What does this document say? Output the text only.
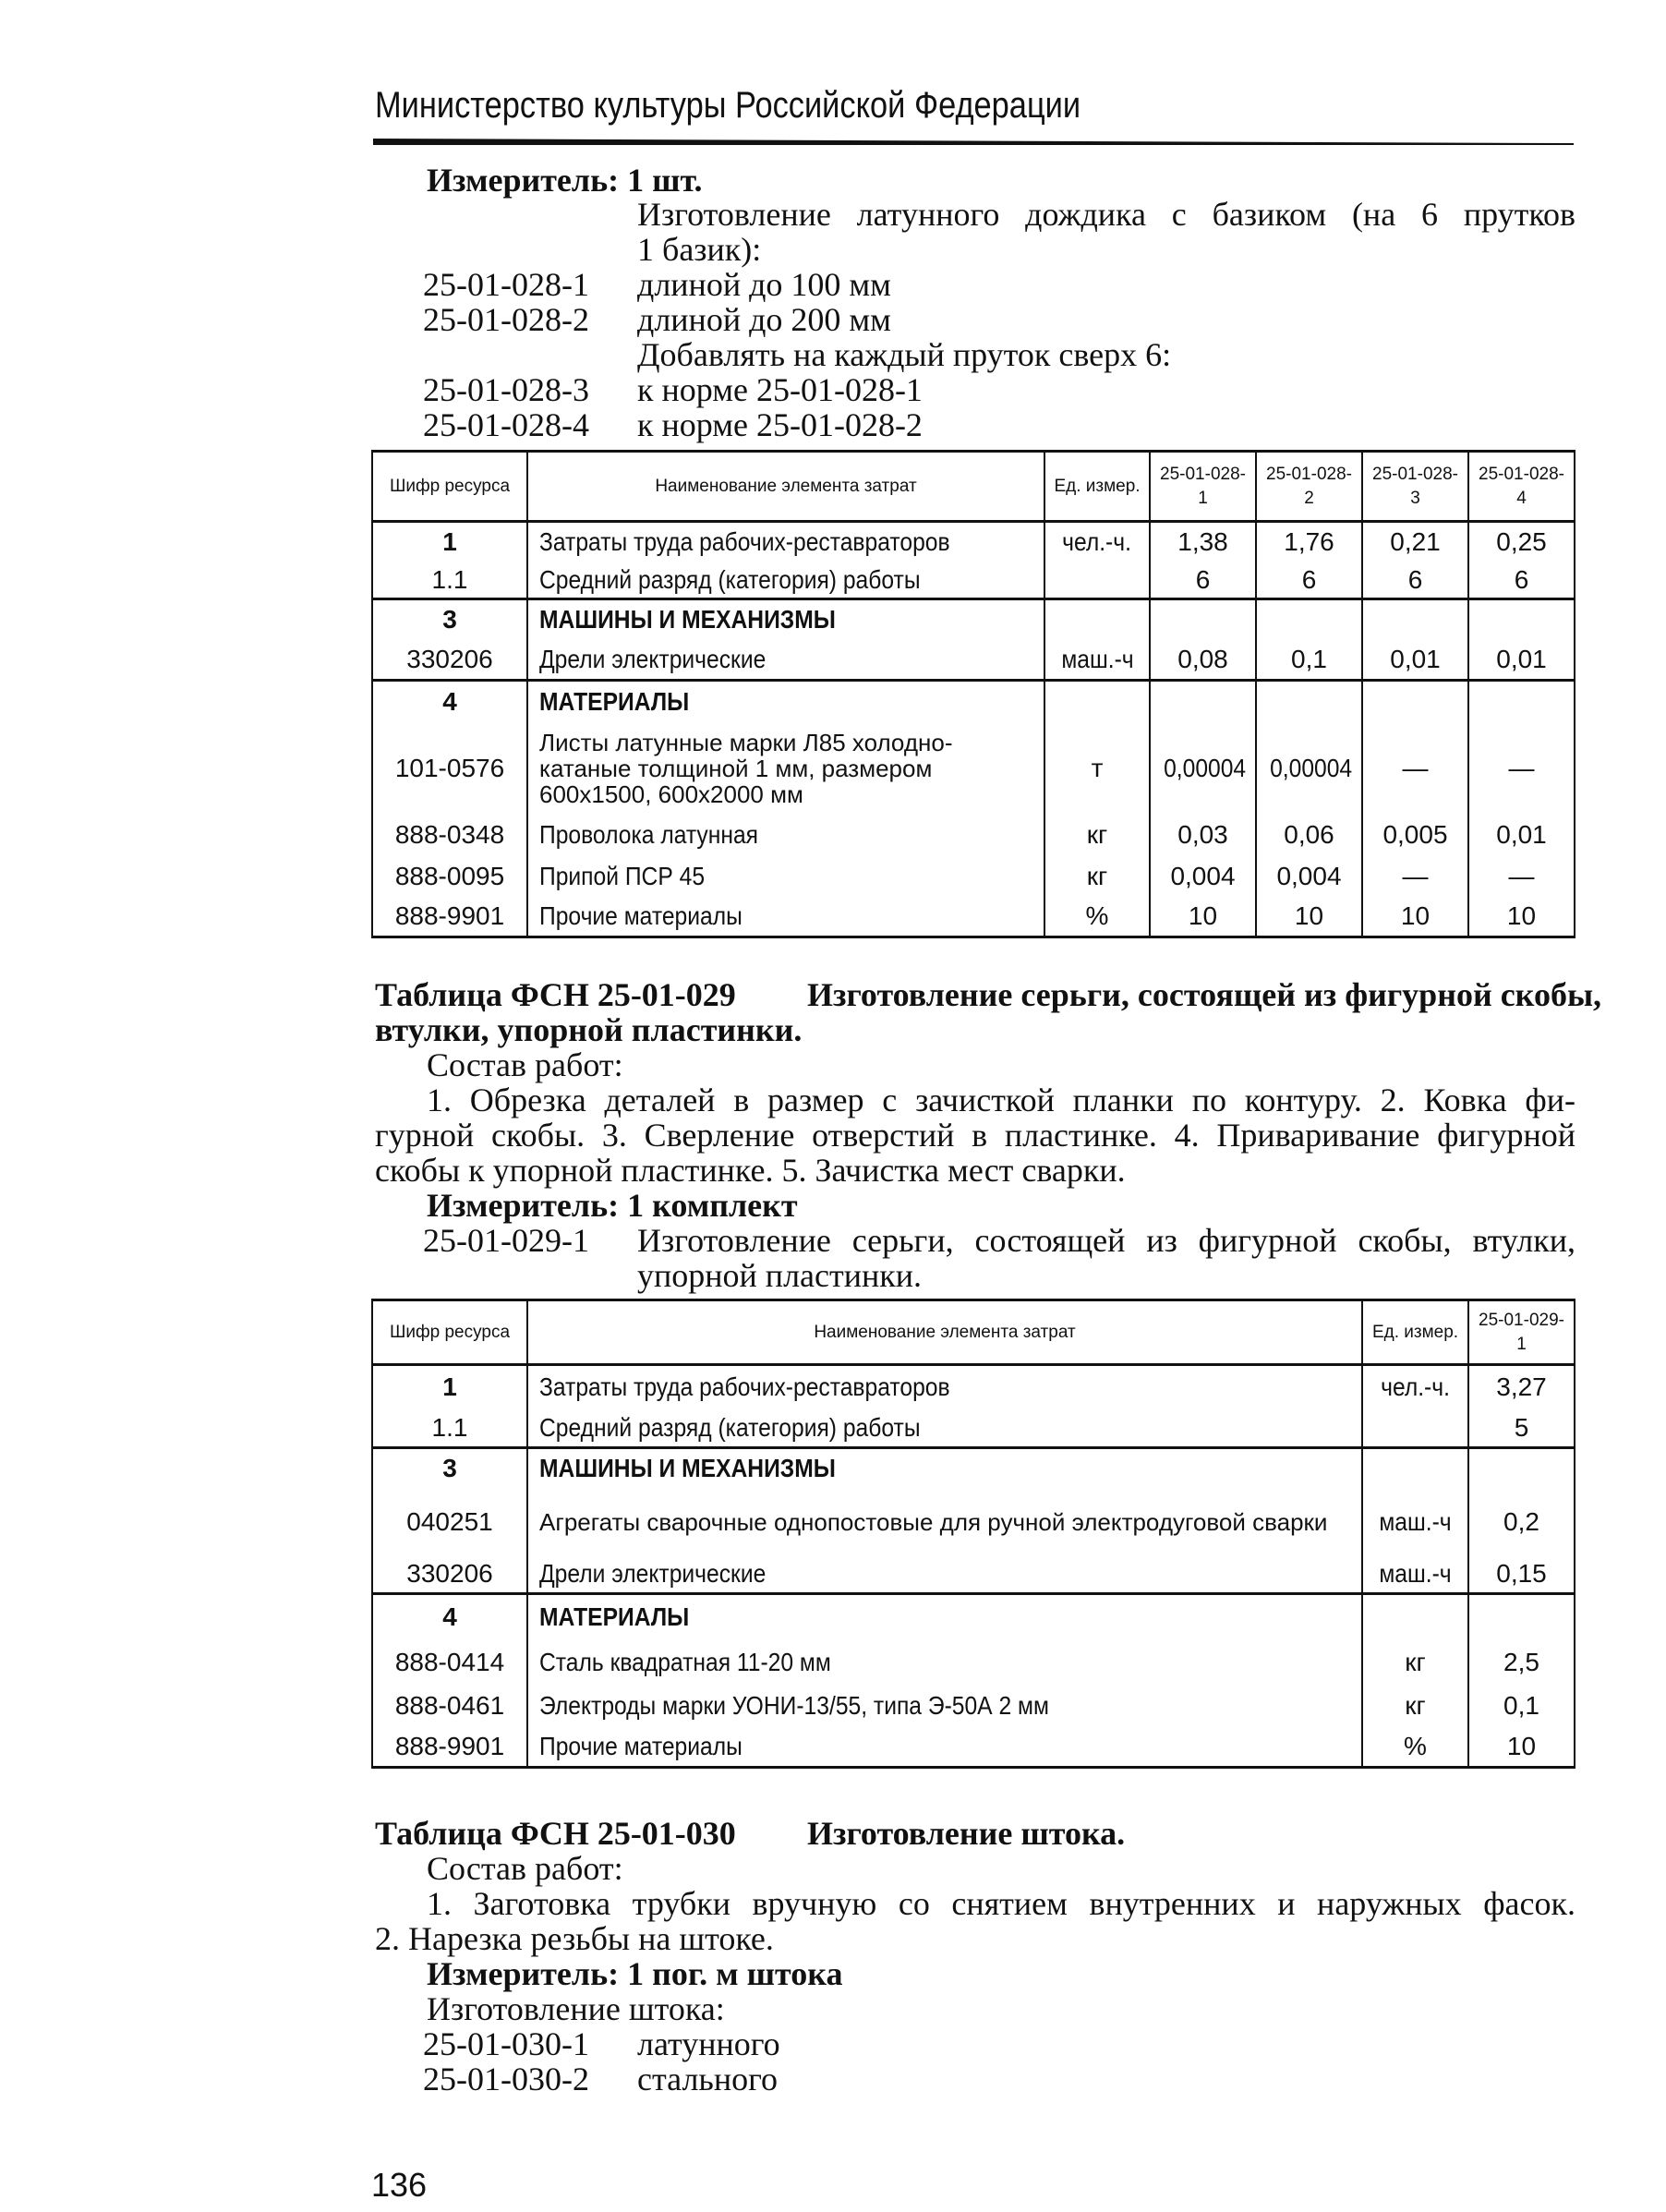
Министерство культуры Российской Федерации
Измеритель: 1 шт.
Изготовление латунного дождика с базиком (на 6 прутков
1 базик):
25-01-028-1 длиной до 100 мм
25-01-028-2 длиной до 200 мм
Добавлять на каждый пруток сверх 6:
25-01-028-3 к норме 25-01-028-1
25-01-028-4 к норме 25-01-028-2
Шифр ресурса	Наименование элемента затрат	Ед. измер.	25-01-028-1	25-01-028-2	25-01-028-3	25-01-028-4
1	Затраты труда рабочих-реставраторов	чел.-ч.	1,38	1,76	0,21	0,25
1.1	Средний разряд (категория) работы		6	6	6	6
3	МАШИНЫ И МЕХАНИЗМЫ					
330206	Дрели электрические	маш.-ч	0,08	0,1	0,01	0,01
4	МАТЕРИАЛЫ					
101-0576	Листы латунные марки Л85 холодно-катаные толщиной 1 мм, размером 600х1500, 600х2000 мм	т	0,00004	0,00004	—	—
888-0348	Проволока латунная	кг	0,03	0,06	0,005	0,01
888-0095	Припой ПСР 45	кг	0,004	0,004	—	—
888-9901	Прочие материалы	%	10	10	10	10
Таблица ФСН 25-01-029 Изготовление серьги, состоящей из фигурной скобы,
втулки, упорной пластинки.
Состав работ:
1. Обрезка деталей в размер с зачисткой планки по контуру. 2. Ковка фи-
гурной скобы. 3. Сверление отверстий в пластинке. 4. Приваривание фигурной
скобы к упорной пластинке. 5. Зачистка мест сварки.
Измеритель: 1 комплект
25-01-029-1 Изготовление серьги, состоящей из фигурной скобы, втулки,
упорной пластинки.
Шифр ресурса	Наименование элемента затрат	Ед. измер.	25-01-029-1
1	Затраты труда рабочих-реставраторов	чел.-ч.	3,27
1.1	Средний разряд (категория) работы		5
3	МАШИНЫ И МЕХАНИЗМЫ		
040251	Агрегаты сварочные однопостовые для ручной электродуговой сварки	маш.-ч	0,2
330206	Дрели электрические	маш.-ч	0,15
4	МАТЕРИАЛЫ		
888-0414	Сталь квадратная 11-20 мм	кг	2,5
888-0461	Электроды марки УОНИ-13/55, типа Э-50А 2 мм	кг	0,1
888-9901	Прочие материалы	%	10
Таблица ФСН 25-01-030 Изготовление штока.
Состав работ:
1. Заготовка трубки вручную со снятием внутренних и наружных фасок.
2. Нарезка резьбы на штоке.
Измеритель: 1 пог. м штока
Изготовление штока:
25-01-030-1 латунного
25-01-030-2 стального
136
